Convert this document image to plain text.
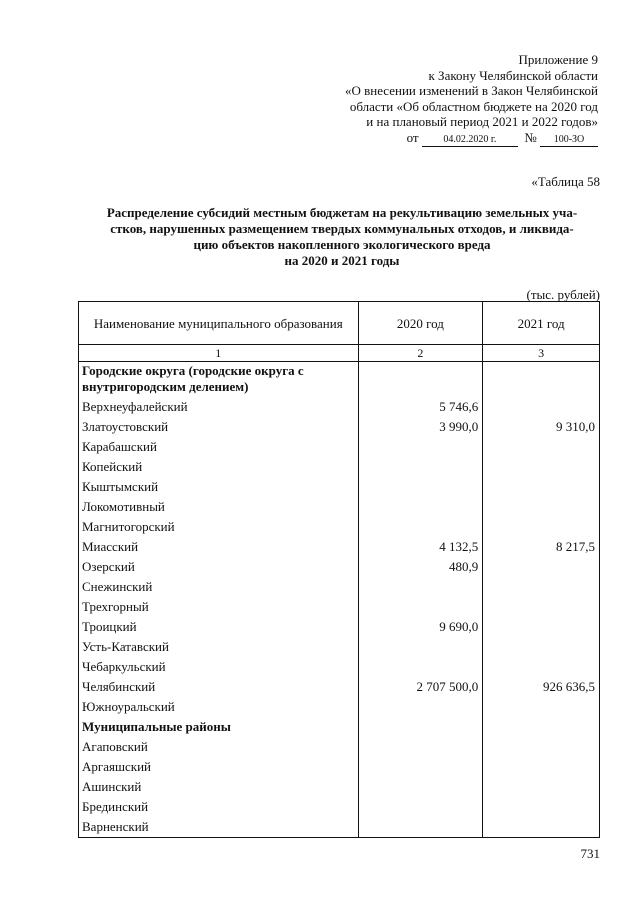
Приложение 9
к Закону Челябинской области
«О внесении изменений в Закон Челябинской
области «Об областном бюджете на 2020 год
и на плановый период 2021 и 2022 годов»
от 04.02.2020 г. № 100-ЗО
«Таблица 58
Распределение субсидий местным бюджетам на рекультивацию земельных уча-
стков, нарушенных размещением твердых коммунальных отходов, и ликвида-
цию объектов накопленного экологического вреда
на 2020 и 2021 годы
(тыс. рублей)
Наименование муниципального образования	2020 год	2021 год
1	2	3
Городские округа (городские округа с внутригородским делением)		
Верхнеуфалейский	5 746,6	
Златоустовский	3 990,0	9 310,0
Карабашский		
Копейский		
Кыштымский		
Локомотивный		
Магнитогорский		
Миасский	4 132,5	8 217,5
Озерский	480,9	
Снежинский		
Трехгорный		
Троицкий	9 690,0	
Усть-Катавский		
Чебаркульский		
Челябинский	2 707 500,0	926 636,5
Южноуральский		
Муниципальные районы		
Агаповский		
Аргаяшский		
Ашинский		
Брединский		
Варненский		
731
